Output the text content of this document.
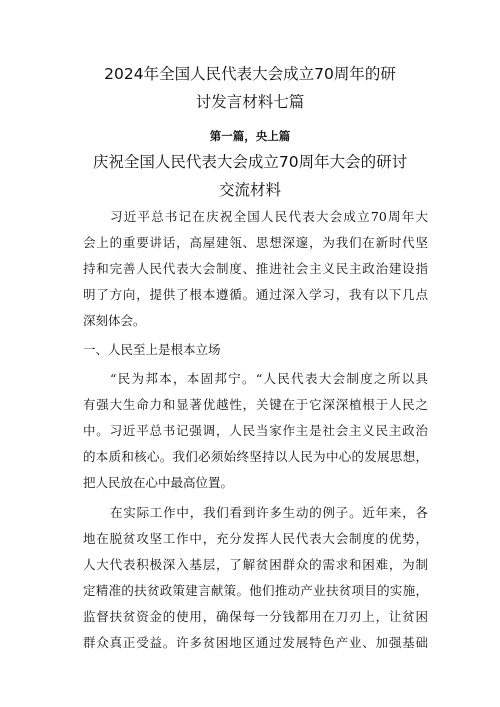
2024年全国人民代表大会成立70周年的研
讨发言材料七篇
第一篇，央上篇
庆祝全国人民代表大会成立70周年大会的研讨
交流材料
习近平总书记在庆祝全国人民代表大会成立70周年大
会上的重要讲话，高屋建瓴、思想深邃，为我们在新时代坚
持和完善人民代表大会制度、推进社会主义民主政治建设指
明了方向，提供了根本遵循。通过深入学习，我有以下几点
深刻体会。
一、人民至上是根本立场
“民为邦本，本固邦宁。“人民代表大会制度之所以具
有强大生命力和显著优越性，关键在于它深深植根于人民之
中。习近平总书记强调，人民当家作主是社会主义民主政治
的本质和核心。我们必须始终坚持以人民为中心的发展思想，
把人民放在心中最高位置。
在实际工作中，我们看到许多生动的例子。近年来，各
地在脱贫攻坚工作中，充分发挥人民代表大会制度的优势，
人大代表积极深入基层，了解贫困群众的需求和困难，为制
定精准的扶贫政策建言献策。他们推动产业扶贫项目的实施，
监督扶贫资金的使用，确保每一分钱都用在刀刃上，让贫困
群众真正受益。许多贫困地区通过发展特色产业、加强基础
